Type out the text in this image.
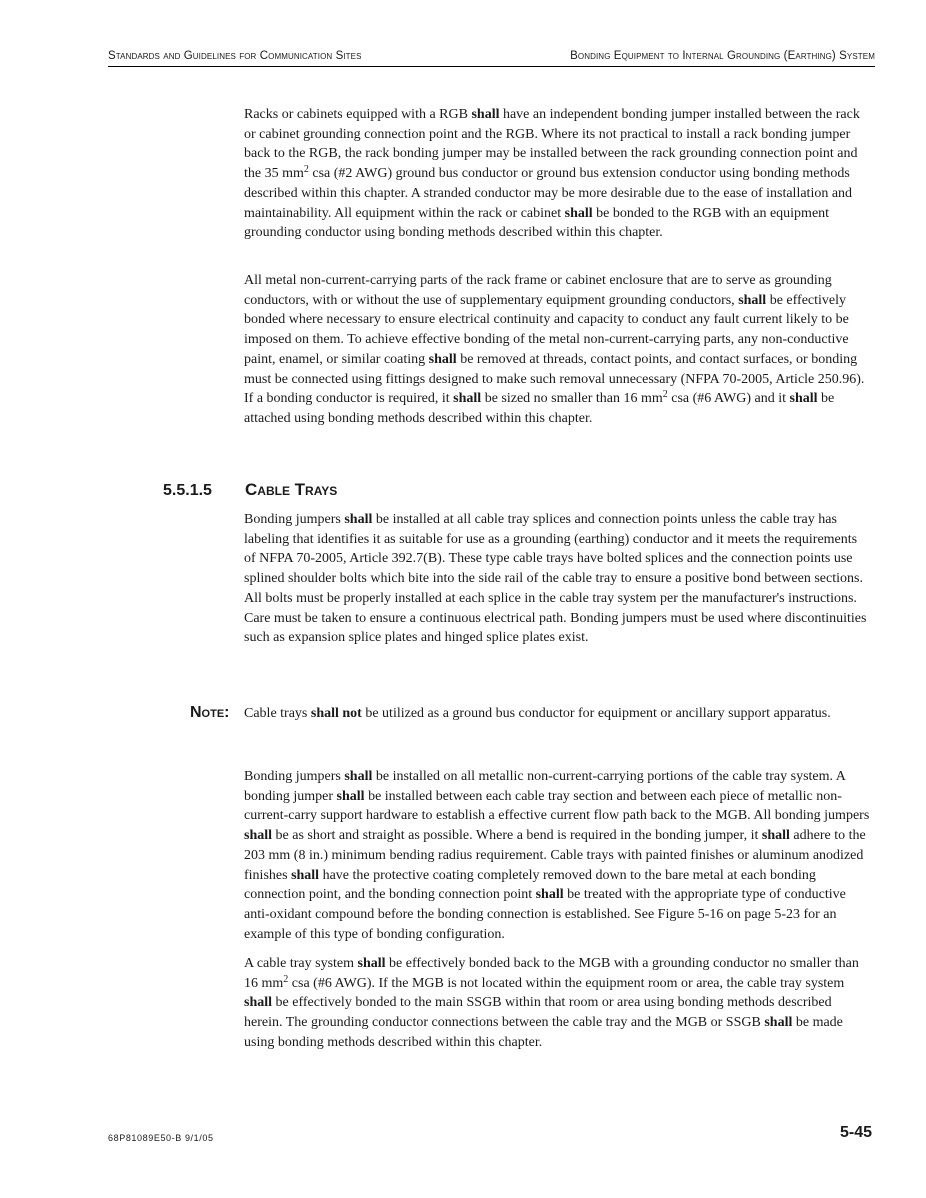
Standards and Guidelines for Communication Sites	Bonding Equipment to Internal Grounding (Earthing) System

Racks or cabinets equipped with a RGB shall have an independent bonding jumper installed between the rack or cabinet grounding connection point and the RGB. Where its not practical to install a rack bonding jumper back to the RGB, the rack bonding jumper may be installed between the rack grounding connection point and the 35 $mm^2$ csa (#2 AWG) ground bus conductor or ground bus extension conductor using bonding methods described within this chapter. A stranded conductor may be more desirable due to the ease of installation and maintainability. All equipment within the rack or cabinet shall be bonded to the RGB with an equipment grounding conductor using bonding methods described within this chapter.

All metal non-current-carrying parts of the rack frame or cabinet enclosure that are to serve as grounding conductors, with or without the use of supplementary equipment grounding conductors, shall be effectively bonded where necessary to ensure electrical continuity and capacity to conduct any fault current likely to be imposed on them. To achieve effective bonding of the metal non-current-carrying parts, any non-conductive paint, enamel, or similar coating shall be removed at threads, contact points, and contact surfaces, or bonding must be connected using fittings designed to make such removal unnecessary (NFPA 70-2005, Article 250.96). If a bonding conductor is required, it shall be sized no smaller than 16 $mm^2$ csa (#6 AWG) and it shall be attached using bonding methods described within this chapter.

5.5.1.5 Cable Trays

Bonding jumpers shall be installed at all cable tray splices and connection points unless the cable tray has labeling that identifies it as suitable for use as a grounding (earthing) conductor and it meets the requirements of NFPA 70-2005, Article 392.7(B). These type cable trays have bolted splices and the connection points use splined shoulder bolts which bite into the side rail of the cable tray to ensure a positive bond between sections. All bolts must be properly installed at each splice in the cable tray system per the manufacturer's instructions. Care must be taken to ensure a continuous electrical path. Bonding jumpers must be used where discontinuities such as expansion splice plates and hinged splice plates exist.

Note: Cable trays shall not be utilized as a ground bus conductor for equipment or ancillary support apparatus.

Bonding jumpers shall be installed on all metallic non-current-carrying portions of the cable tray system. A bonding jumper shall be installed between each cable tray section and between each piece of metallic non-current-carry support hardware to establish a effective current flow path back to the MGB. All bonding jumpers shall be as short and straight as possible. Where a bend is required in the bonding jumper, it shall adhere to the 203 mm (8 in.) minimum bending radius requirement. Cable trays with painted finishes or aluminum anodized finishes shall have the protective coating completely removed down to the bare metal at each bonding connection point, and the bonding connection point shall be treated with the appropriate type of conductive anti-oxidant compound before the bonding connection is established. See Figure 5-16 on page 5-23 for an example of this type of bonding configuration.

A cable tray system shall be effectively bonded back to the MGB with a grounding conductor no smaller than 16 $mm^2$ csa (#6 AWG). If the MGB is not located within the equipment room or area, the cable tray system shall be effectively bonded to the main SSGB within that room or area using bonding methods described herein. The grounding conductor connections between the cable tray and the MGB or SSGB shall be made using bonding methods described within this chapter.

68P81089E50-B 9/1/05	5-45
